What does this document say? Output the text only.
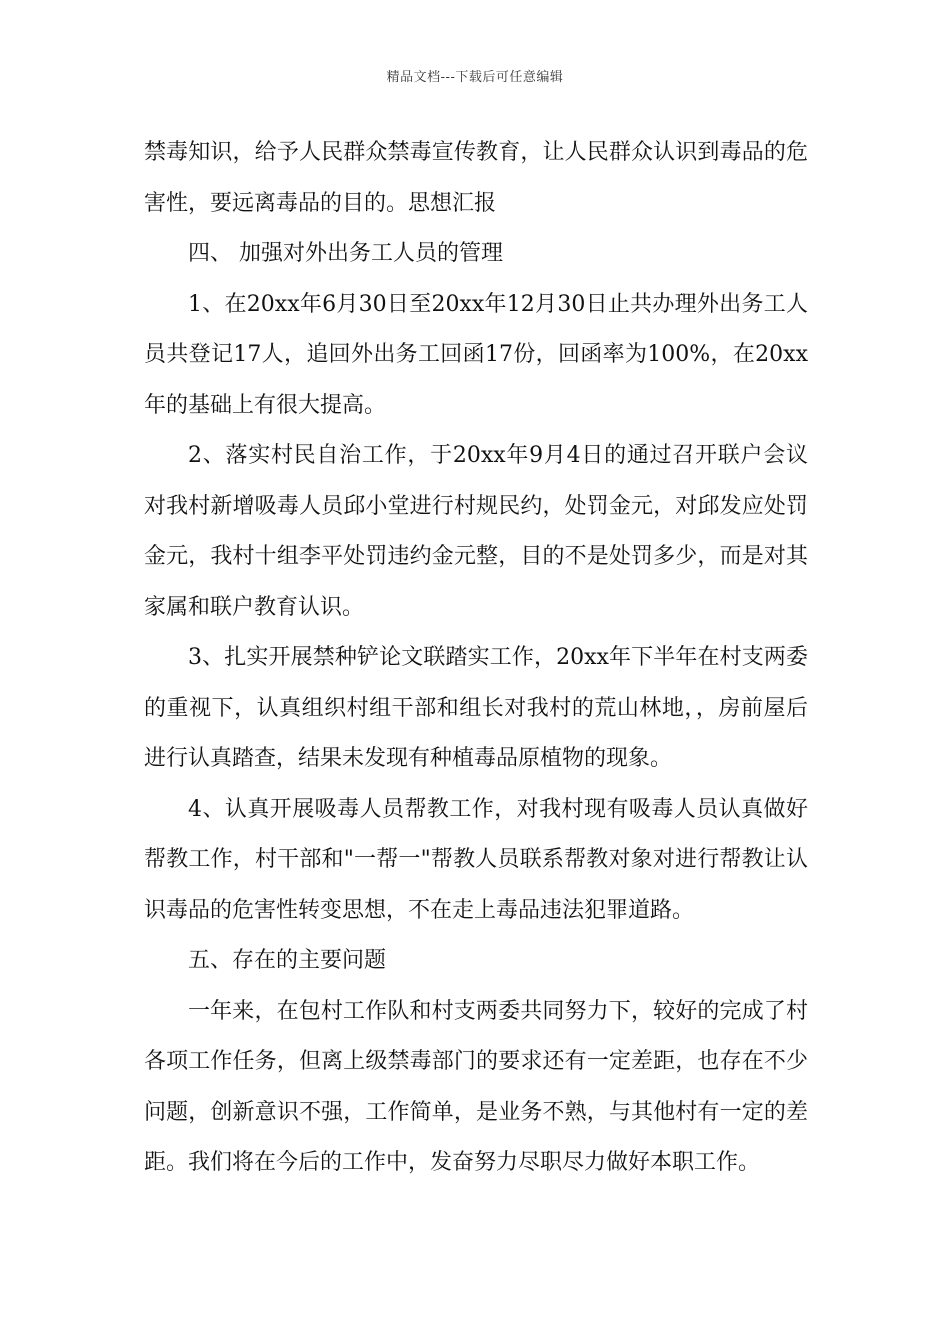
精品文档---下载后可任意编辑

禁毒知识，给予人民群众禁毒宣传教育，让人民群众认识到毒品的危害性，要远离毒品的目的。思想汇报

四、 加强对外出务工人员的管理

1、在20xx年6月30日至20xx年12月30日止共办理外出务工人员共登记17人，追回外出务工回函17份，回函率为100%，在20xx年的基础上有很大提高。

2、落实村民自治工作，于20xx年9月4日的通过召开联户会议对我村新增吸毒人员邱小堂进行村规民约，处罚金元，对邱发应处罚金元，我村十组李平处罚违约金元整，目的不是处罚多少，而是对其家属和联户教育认识。

3、扎实开展禁种铲论文联踏实工作，20xx年下半年在村支两委的重视下，认真组织村组干部和组长对我村的荒山林地，，房前屋后进行认真踏查，结果未发现有种植毒品原植物的现象。

4、认真开展吸毒人员帮教工作，对我村现有吸毒人员认真做好帮教工作，村干部和"一帮一"帮教人员联系帮教对象对进行帮教让认识毒品的危害性转变思想，不在走上毒品违法犯罪道路。

五、存在的主要问题

一年来，在包村工作队和村支两委共同努力下，较好的完成了村各项工作任务，但离上级禁毒部门的要求还有一定差距，也存在不少问题，创新意识不强，工作简单，是业务不熟，与其他村有一定的差距。我们将在今后的工作中，发奋努力尽职尽力做好本职工作。
